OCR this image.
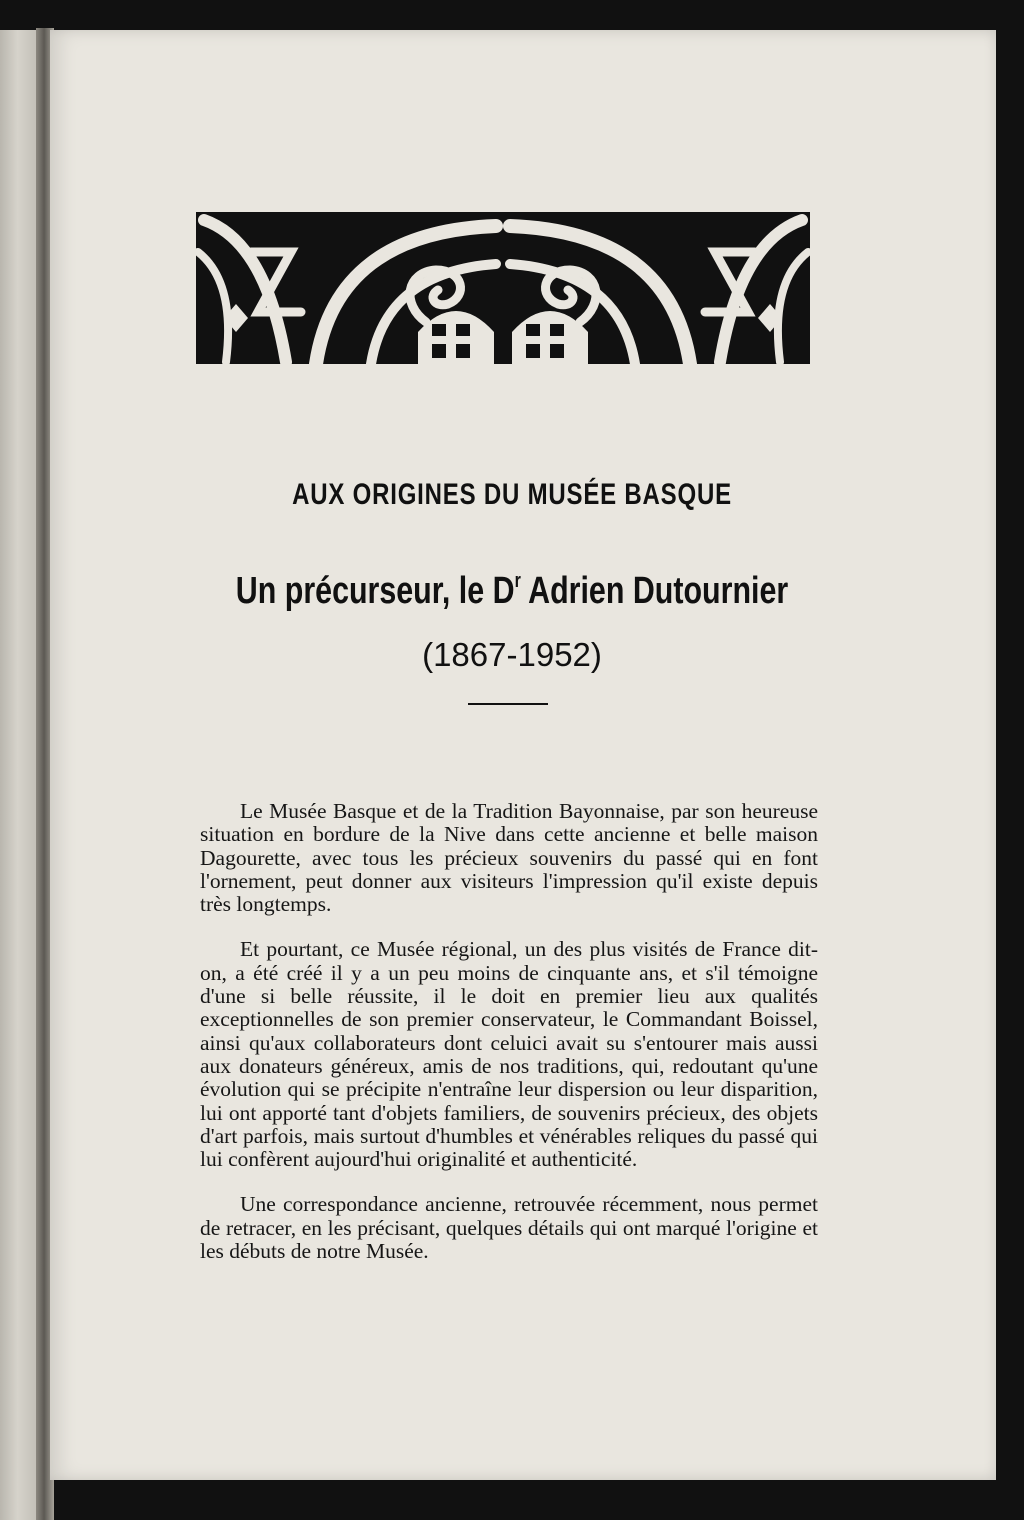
AUX ORIGINES DU MUSÉE BASQUE
Un précurseur, le $D^r$ Adrien Dutournier

(1867-1952)

Le Musée Basque et de la Tradition Bayonnaise, par son heureuse situation en bordure de la Nive dans cette ancienne et belle maison Dagourette, avec tous les précieux souvenirs du passé qui en font l'ornement, peut donner aux visiteurs l'impression qu'il existe depuis très longtemps.

Et pourtant, ce Musée régional, un des plus visités de France dit-on, a été créé il y a un peu moins de cinquante ans, et s'il témoigne d'une si belle réussite, il le doit en premier lieu aux qualités exceptionnelles de son premier conservateur, le Commandant Boissel, ainsi qu'aux collaborateurs dont celuici avait su s'entourer mais aussi aux donateurs généreux, amis de nos traditions, qui, redoutant qu'une évolution qui se précipite n'entraîne leur dispersion ou leur disparition, lui ont apporté tant d'objets familiers, de souvenirs précieux, des objets d'art parfois, mais surtout d'humbles et vénérables reliques du passé qui lui confèrent aujourd'hui originalité et authenticité.

Une correspondance ancienne, retrouvée récemment, nous permet de retracer, en les précisant, quelques détails qui ont marqué l'origine et les débuts de notre Musée.
